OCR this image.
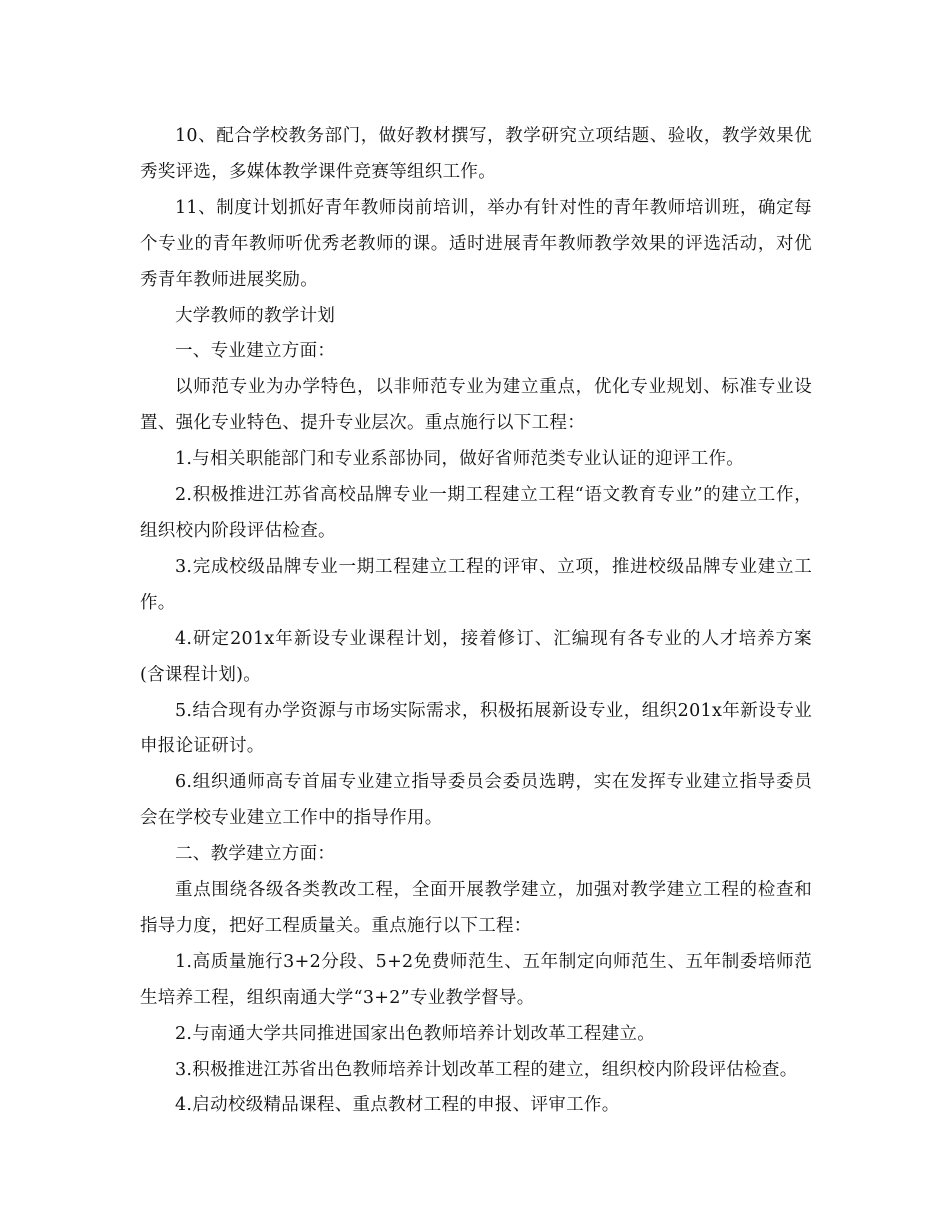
10、配合学校教务部门，做好教材撰写，教学研究立项结题、验收，教学效果优秀奖评选，多媒体教学课件竞赛等组织工作。

11、制度计划抓好青年教师岗前培训，举办有针对性的青年教师培训班，确定每个专业的青年教师听优秀老教师的课。适时进展青年教师教学效果的评选活动，对优秀青年教师进展奖励。

大学教师的教学计划

一、专业建立方面：

以师范专业为办学特色，以非师范专业为建立重点，优化专业规划、标准专业设置、强化专业特色、提升专业层次。重点施行以下工程：

1.与相关职能部门和专业系部协同，做好省师范类专业认证的迎评工作。

2.积极推进江苏省高校品牌专业一期工程建立工程“语文教育专业”的建立工作，组织校内阶段评估检查。

3.完成校级品牌专业一期工程建立工程的评审、立项，推进校级品牌专业建立工作。

4.研定201x年新设专业课程计划，接着修订、汇编现有各专业的人才培养方案(含课程计划)。

5.结合现有办学资源与市场实际需求，积极拓展新设专业，组织201x年新设专业申报论证研讨。

6.组织通师高专首届专业建立指导委员会委员选聘，实在发挥专业建立指导委员会在学校专业建立工作中的指导作用。

二、教学建立方面：

重点围绕各级各类教改工程，全面开展教学建立，加强对教学建立工程的检查和指导力度，把好工程质量关。重点施行以下工程：

1.高质量施行3+2分段、5+2免费师范生、五年制定向师范生、五年制委培师范生培养工程，组织南通大学“3+2”专业教学督导。

2.与南通大学共同推进国家出色教师培养计划改革工程建立。

3.积极推进江苏省出色教师培养计划改革工程的建立，组织校内阶段评估检查。

4.启动校级精品课程、重点教材工程的申报、评审工作。
